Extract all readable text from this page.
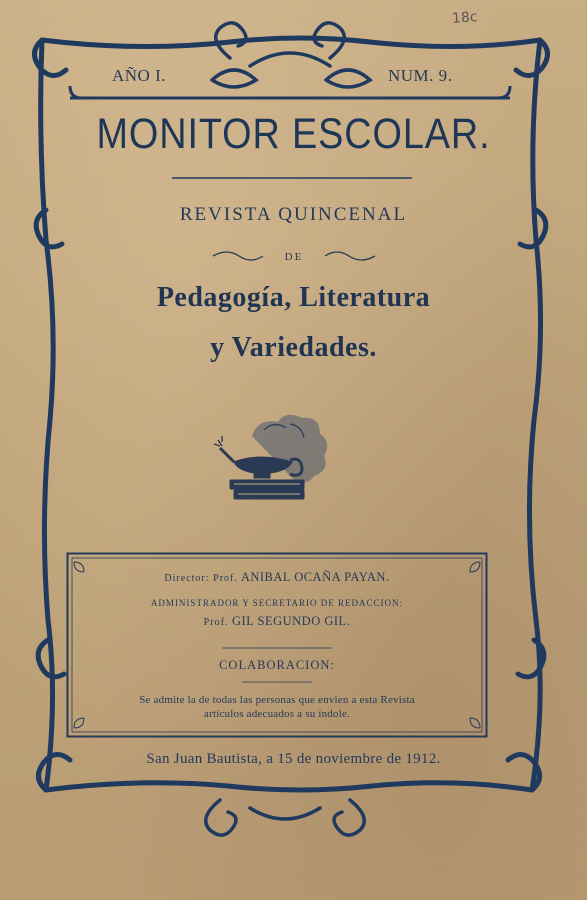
18c
AÑO I.	NUM. 9.
MONITOR ESCOLAR.
REVISTA QUINCENAL
DE
Pedagogía, Literatura
y Variedades.
Director: Prof. ANIBAL OCAÑA PAYAN.
ADMINISTRADOR Y SECRETARIO DE REDACCION:
Prof. GIL SEGUNDO GIL.
COLABORACION:
Se admite la de todas las personas que envien a esta Revista
artículos adecuados a su índole.
San Juan Bautista, a 15 de noviembre de 1912.
